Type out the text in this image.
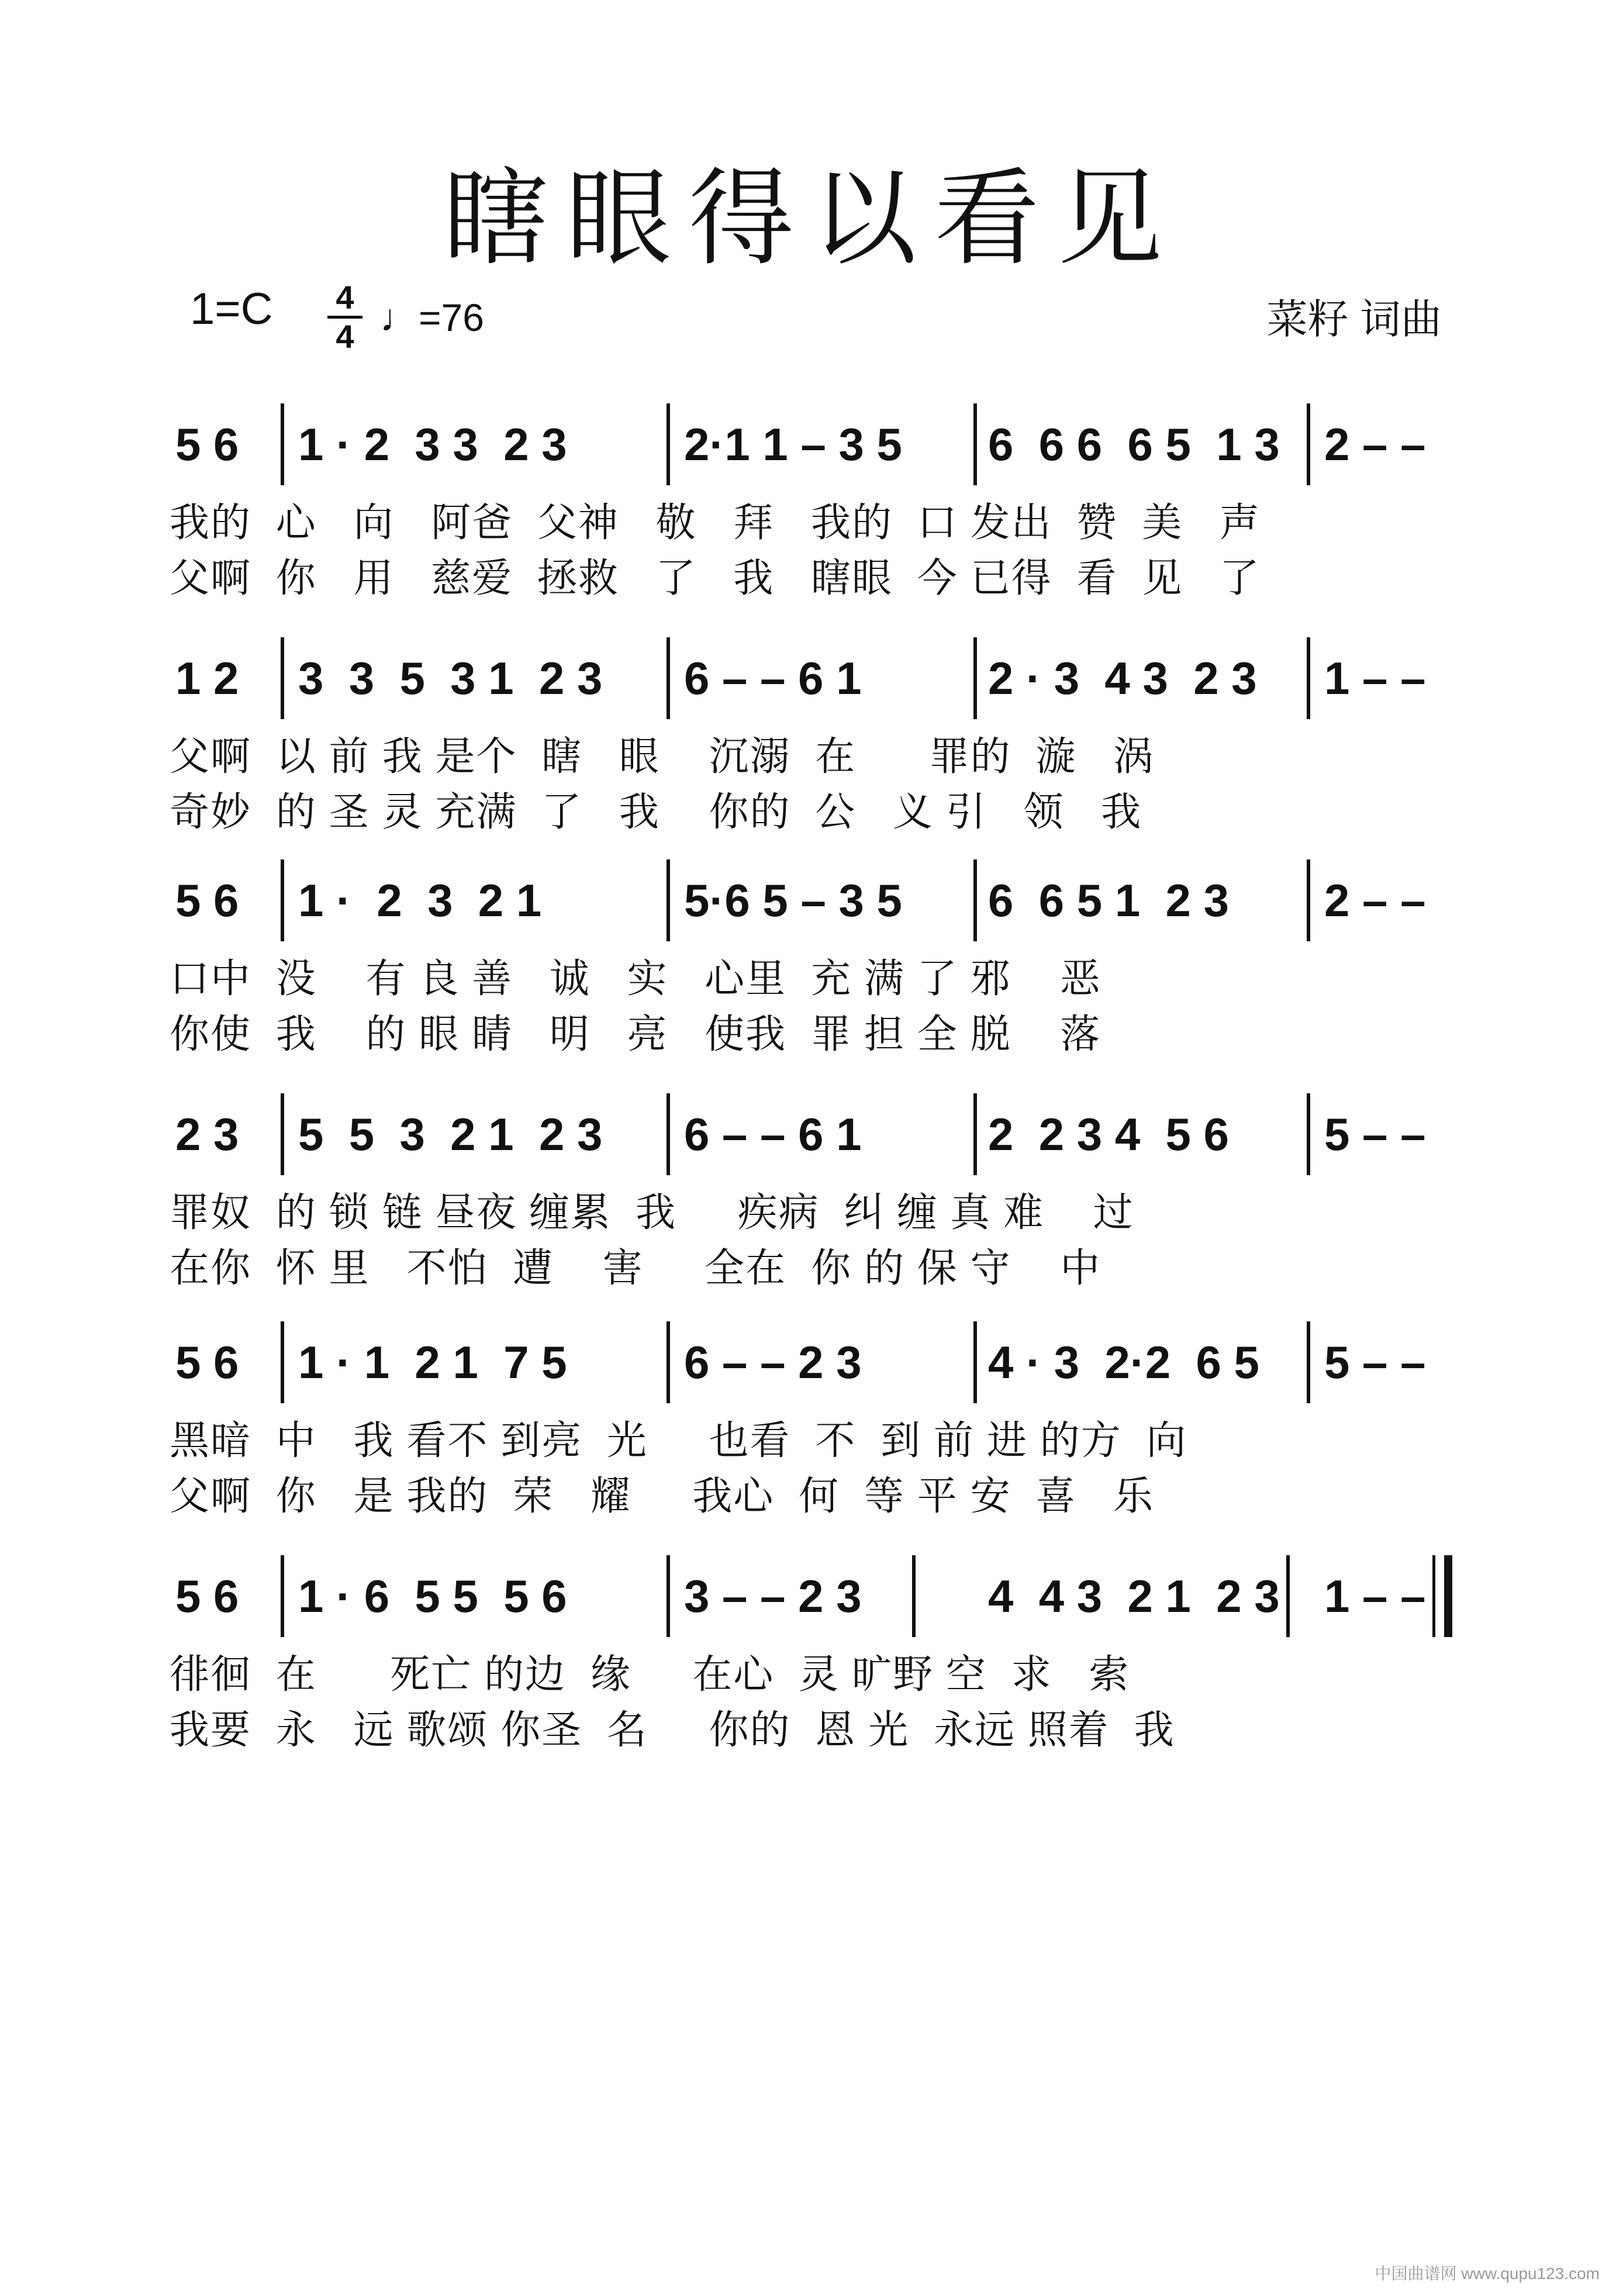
瞎眼得以看见
1=C 4
4 ♩=76	菜籽 词曲
5 6 1 · 2  3 3  2 3	2·1 1 – 3 5 6  6 6  6 5  1 3 2 – –
我的  心   向   阿爸  父神   敬   拜   我的  口 发出  赞  美   声
父啊  你   用   慈爱  拯救   了   我   瞎眼  今 已得  看  见   了
1 2 3  3  5  3 1  2 3 6 – – 6 1	2 · 3  4 3  2 3 1 – –
父啊  以 前 我 是个  瞎   眼    沉溺  在      罪的  漩   涡
奇妙  的 圣 灵 充满  了   我    你的  公   义 引   领   我
5 6 1 ·  2  3  2 1	5·6 5 – 3 5 6  6 5 1  2 3 2 – –
口中  没    有 良 善   诚   实   心里  充 满 了 邪    恶
你使  我    的 眼 睛   明   亮   使我  罪 担 全 脱    落
2 3 5  5  3  2 1  2 3 6 – – 6 1	2  2 3 4  5 6 5 – –
罪奴  的 锁 链 昼夜 缠累  我     疾病  纠 缠 真 难    过
在你  怀 里   不怕  遭    害     全在  你 的 保 守    中
5 6 1 · 1  2 1  7 5	6 – – 2 3	4 · 3  2·2  6 5 5 – –
黑暗  中   我 看不 到亮  光     也看  不  到 前 进 的方  向
父啊  你   是 我的  荣   耀     我心  何  等 平 安  喜   乐
5 6 1 · 6  5 5  5 6	3 – – 2 3	4  4 3  2 1  2 3 1 – –
徘徊  在      死亡 的边  缘     在心  灵 旷野 空  求   索
我要  永   远 歌颂 你圣  名     你的  恩 光  永远 照着  我
中国曲谱网 www.qupu123.com
